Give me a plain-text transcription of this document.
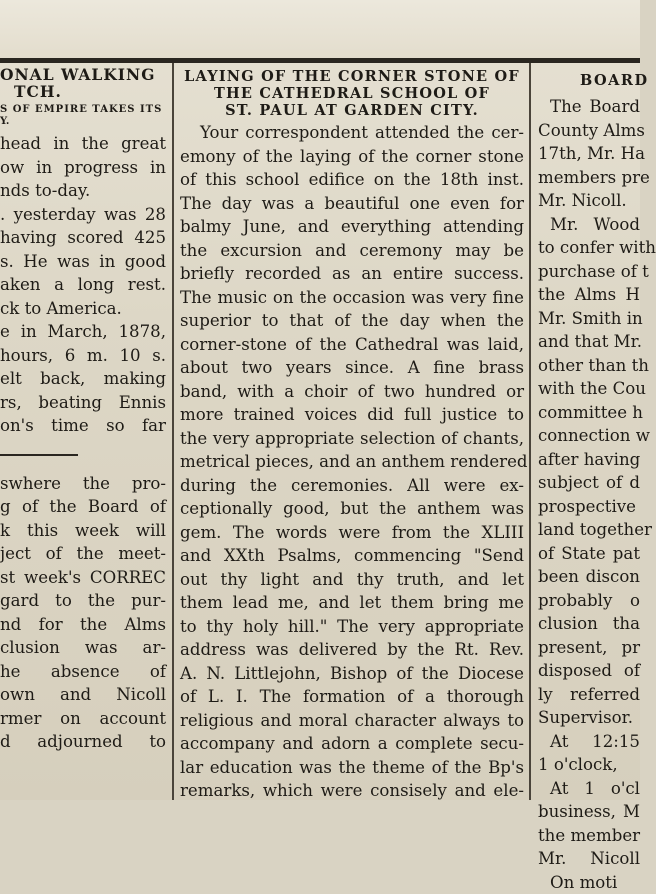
ONAL WALKING

TCH.

S OF EMPIRE TAKES ITS

Y.

head in the great

ow in progress in

nds to-day.

. yesterday was 28

having scored 425

s. He was in good

aken a long rest.

ck to America.

e in March, 1878,

hours, 6 m. 10 s.

elt back, making

rs, beating Ennis

on's time so far

swhere the pro-

g of the Board of

k this week will

ject of the meet-

st week's CORREC

gard to the pur-

nd for the Alms

clusion was ar-

he absence of

own and Nicoll

rmer on account

d adjourned to

LAYING OF THE CORNER STONE OF

THE CATHEDRAL SCHOOL OF

ST. PAUL AT GARDEN CITY.

Your correspondent attended the cer-

emony of the laying of the corner stone

of this school edifice on the 18th inst.

The day was a beautiful one even for

balmy June, and everything attending

the excursion and ceremony may be

briefly recorded as an entire success.

The music on the occasion was very fine

superior to that of the day when the

corner-stone of the Cathedral was laid,

about two years since. A fine brass

band, with a choir of two hundred or

more trained voices did full justice to

the very appropriate selection of chants,

metrical pieces, and an anthem rendered

during the ceremonies. All were ex-

ceptionally good, but the anthem was

gem. The words were from the XLIII

and XXth Psalms, commencing "Send

out thy light and thy truth, and let

them lead me, and let them bring me

to thy holy hill." The very appropriate

address was delivered by the Rt. Rev.

A. N. Littlejohn, Bishop of the Diocese

of L. I. The formation of a thorough

religious and moral character always to

accompany and adorn a complete secu-

lar education was the theme of the Bp's

remarks, which were consisely and ele-

BOARD

The Board

County Alms

17th, Mr. Ha

members pre

Mr. Nicoll.

Mr. Wood

to confer with

purchase of t

the Alms H

Mr. Smith in

and that Mr.

other than th

with the Cou

committee h

connection w

after having

subject of d

prospective

land together

of State pat

been discon

probably o

clusion tha

present, pr

disposed of

ly referred

Supervisor.

At 12:15

1 o'clock,

At 1 o'cl

business, M

the member

Mr. Nicoll

On moti
